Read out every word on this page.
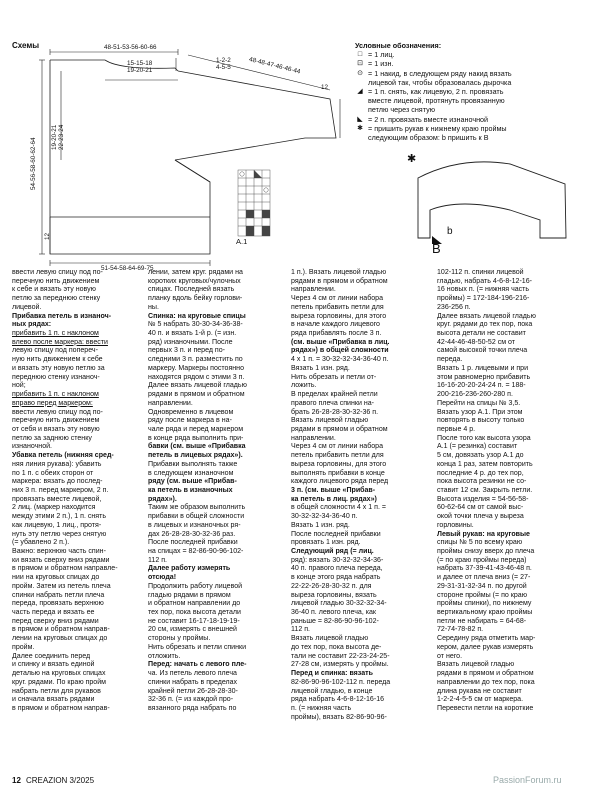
Схемы	48-51-53-56-60-66
15-15-18
19-20-21
1-2-2
4-5-5	48-48-47-46-46-44
12
54-56-58-60-62-64
19-20-21
22-23-24
12
51-54-58-64-69-75
А.1
Условные обозначения:
□ = 1 лиц.
⊡ = 1 изн.
⊙ = 1 накид, в следующем ряду накид вязать
лицевой так, чтобы образовалась дырочка
◢ = 1 п. снять, как лицевую, 2 п. провязать
вместе лицевой, протянуть провязанную
петлю через снятую
◣ = 2 п. провязать вместе изнаночной
✱ = пришить рукав к нижнему краю проймы
следующим образом: b пришить к В
✱
b
B
ввести левую спицу под по-
перечную нить движением
к себе и вязать эту новую
петлю за переднюю стенку
лицевой.
Прибавка петель в изнаноч-
ных рядах:
прибавить 1 п. с наклоном
влево после маркера: ввести
левую спицу под попереч-
ную нить движением к себе
и вязать эту новую петлю за
переднюю стенку изнаноч-
ной;
прибавить 1 п. с наклоном
вправо перед маркером:
ввести левую спицу под по-
перечную нить движением
от себя и вязать эту новую
петлю за заднюю стенку
изнаночной.
Убавка петель (нижняя сред-
няя линия рукава): убавить
по 1 п. с обеих сторон от
маркера: вязать до послед-
них 3 п. перед маркером, 2 п.
провязать вместе лицевой,
2 лиц. (маркер находится
между этими 2 п.), 1 п. снять
как лицевую, 1 лиц., протя-
нуть эту петлю через снятую
(= убавлено 2 п.).
Важно: верхнюю часть спин-
ки вязать сверху вниз рядами
в прямом и обратном направле-
нии на круговых спицах до
пройм. Затем из петель плеча
спинки набрать петли плеча
переда, провязать верхнюю
часть переда и вязать ее
перед сверху вниз рядами
в прямом и обратном направ-
лении на круговых спицах до
пройм.
Далее соединить перед
и спинку и вязать единой
деталью на круговых спицах
круг. рядами. По краю пройм
набрать петли для рукавов
и сначала вязать рядами
в прямом и обратном направ-
лении, затем круг. рядами на
коротких круговых/чулочных
спицах. Последней вязать
планку вдоль бейку горлови-
ны.
Спинка: на круговые спицы
№ 5 набрать 30-30-34-36-38-
40 п. и вязать 1-й р. (= изн.
ряд) изнаночными. После
первых 3 п. и перед по-
следними 3 п. разместить по
маркеру. Маркеры постоянно
находятся рядом с этими 3 п.
Далее вязать лицевой гладью
рядами в прямом и обратном
направлении.
Одновременно в лицевом
ряду после маркера в на-
чале ряда и перед маркером
в конце ряда выполнить при-
бавки (см. выше «Прибавка
петель в лицевых рядах»).
Прибавки выполнять также
в следующем изнаночном
ряду (см. выше «Прибав-
ка петель в изнаночных
рядах»).
Таким же образом выполнить
прибавки в общей сложности
в лицевых и изнаночных ря-
дах 26-28-28-30-32-36 раз.
После последней прибавки
на спицах = 82-86-90-96-102-
112 п.
Далее работу измерять
отсюда!
Продолжить работу лицевой
гладью рядами в прямом
и обратном направлении до
тех пор, пока высота детали
не составит 16-17-18-19-19-
20 см, измерять с внешней
стороны у проймы.
Нить обрезать и петли спинки
отложить.
Перед: начать с левого пле-
ча. Из петель левого плеча
спинки набрать в пределах
крайней петли 26-28-28-30-
32-36 п. (= из каждой про-
вязанного ряда набрать по
1 п.). Вязать лицевой гладью
рядами в прямом и обратном
направлении.
Через 4 см от линии набора
петель прибавить петли для
выреза горловины, для этого
в начале каждого лицевого
ряда прибавлять после 3 п.
(см. выше «Прибавка в лиц.
рядах») в общей сложности
4 х 1 п. = 30-32-32-34-36-40 п.
Вязать 1 изн. ряд.
Нить обрезать и петли от-
ложить.
В пределах крайней петли
правого плеча спинки на-
брать 26-28-28-30-32-36 п.
Вязать лицевой гладью
рядами в прямом и обратном
направлении.
Через 4 см от линии набора
петель прибавить петли для
выреза горловины, для этого
выполнять прибавки в конце
каждого лицевого ряда перед
3 п. (см. выше «Прибав-
ка петель в лиц. рядах»)
в общей сложности 4 х 1 п. =
30-32-32-34-36-40 п.
Вязать 1 изн. ряд.
После последней прибавки
провязать 1 изн. ряд.
Следующий ряд (= лиц.
ряд): вязать 30-32-32-34-36-
40 п. правого плеча переда,
в конце этого ряда набрать
22-22-26-28-30-32 п. для
выреза горловины, вязать
лицевой гладью 30-32-32-34-
36-40 п. левого плеча, как
раньше = 82-86-90-96-102-
112 п.
Вязать лицевой гладью
до тех пор, пока высота де-
тали не составит 22-23-24-25-
27-28 см, измерять у проймы.
Перед и спинка: вязать
82-86-90-96-102-112 п. переда
лицевой гладью, в конце
ряда набрать 4-6-8-12-16-16
п. (= нижняя часть
проймы), вязать 82-86-90-96-
102-112 п. спинки лицевой
гладью, набрать 4-6-8-12-16-
16 новых п. (= нижняя часть
проймы) = 172-184-196-216-
236-256 п.
Далее вязать лицевой гладью
круг. рядами до тех пор, пока
высота детали не составит
42-44-46-48-50-52 см от
самой высокой точки плеча
переда.
Вязать 1 р. лицевыми и при
этом равномерно прибавить
16-16-20-20-24-24 п. = 188-
200-216-236-260-280 п.
Перейти на спицы № 3,5.
Вязать узор А.1. При этом
повторять в высоту только
первые 4 р.
После того как высота узора
А.1 (= резинка) составит
5 см, довязать узор А.1 до
конца 1 раз, затем повторить
последние 4 р. до тех пор,
пока высота резинки не со-
ставит 12 см. Закрыть петли.
Высота изделия = 54-56-58-
60-62-64 см от самой выс-
окой точки плеча у выреза
горловины.
Левый рукав: на круговые
спицы № 5 по всему краю
проймы снизу вверх до плеча
(= по краю проймы переда)
набрать 37-39-41-43-46-48 п.
и далее от плеча вниз (= 27-
29-31-31-32-34 п. по другой
стороне проймы (= по краю
проймы спинки), по нижнему
вертикальному краю проймы
петли не набирать = 64-68-
72-74-78-82 п.
Середину ряда отметить мар-
кером, далее рукав измерять
от него.
Вязать лицевой гладью
рядами в прямом и обратном
направлении до тех пор, пока
длина рукава не составит
1-2-2-4-5-5 см от маркера.
Перевести петли на короткие
12 CREAZION 3/2025	PassionForum.ru
